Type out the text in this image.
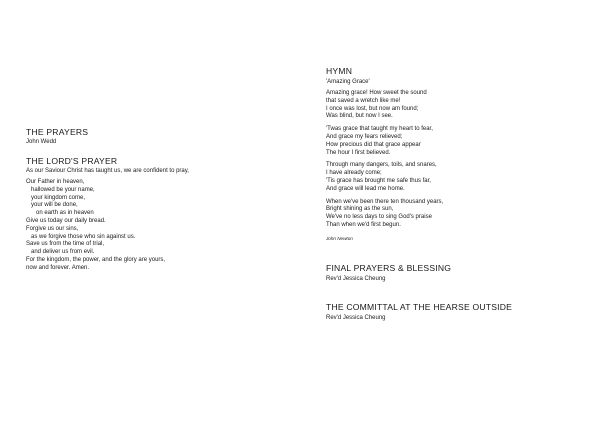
THE PRAYERS

John Wedd

THE LORD'S PRAYER

As our Saviour Christ has taught us, we are confident to pray,

Our Father in heaven,
hallowed be your name,
your kingdom come,
your will be done,
on earth as in heaven
Give us today our daily bread.
Forgive us our sins,
as we forgive those who sin against us.
Save us from the time of trial,
and deliver us from evil.
For the kingdom, the power, and the glory are yours,
now and forever. Amen.

HYMN

'Amazing Grace'

Amazing grace! How sweet the sound
that saved a wretch like me!
I once was lost, but now am found;
Was blind, but now I see.
'Twas grace that taught my heart to fear,
And grace my fears relieved;
How precious did that grace appear
The hour I first believed.
Through many dangers, toils, and snares,
I have already come;
'Tis grace has brought me safe thus far,
And grace will lead me home.
When we've been there ten thousand years,
Bright shining as the sun,
We've no less days to sing God's praise
Than when we'd first begun.
John Newton

FINAL PRAYERS & BLESSING

Rev'd Jessica Cheung

THE COMMITTAL AT THE HEARSE OUTSIDE

Rev'd Jessica Cheung
